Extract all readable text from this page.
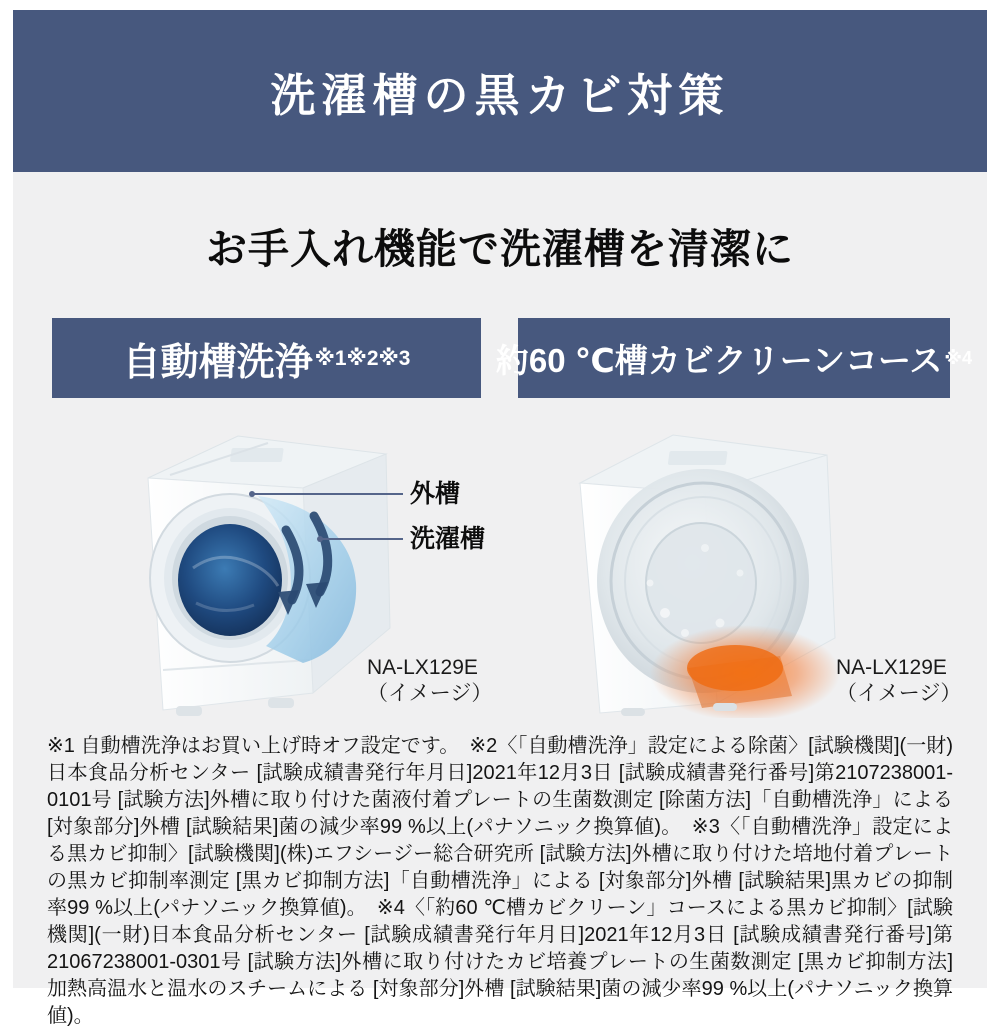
洗濯槽の黒カビ対策
お手入れ機能で洗濯槽を清潔に
自動槽洗浄 ※1※2※3	約60 ℃槽カビクリーンコース ※4
外槽
洗濯槽
NA-LX129E
（イメージ）
NA-LX129E
（イメージ）
※1 自動槽洗浄はお買い上げ時オフ設定です。　※2〈「自動槽洗浄」設定による除菌〉[試験機関](一財)日本食品分析センター [試験成績書発行年月日]2021年12月3日 [試験成績書発行番号]第2107238001-0101号 [試験方法]外槽に取り付けた菌液付着プレートの生菌数測定 [除菌方法]「自動槽洗浄」による [対象部分]外槽 [試験結果]菌の減少率99 %以上(パナソニック換算値)。　※3〈「自動槽洗浄」設定による黒カビ抑制〉[試験機関](株)エフシージー総合研究所 [試験方法]外槽に取り付けた培地付着プレートの黒カビ抑制率測定 [黒カビ抑制方法]「自動槽洗浄」による [対象部分]外槽 [試験結果]黒カビの抑制率99 %以上(パナソニック換算値)。　※4〈「約60 ℃槽カビクリーン」コースによる黒カビ抑制〉[試験機関](一財)日本食品分析センター [試験成績書発行年月日]2021年12月3日 [試験成績書発行番号]第21067238001-0301号 [試験方法]外槽に取り付けたカビ培養プレートの生菌数測定 [黒カビ抑制方法]加熱高温水と温水のスチームによる [対象部分]外槽 [試験結果]菌の減少率99 %以上(パナソニック換算値)。
